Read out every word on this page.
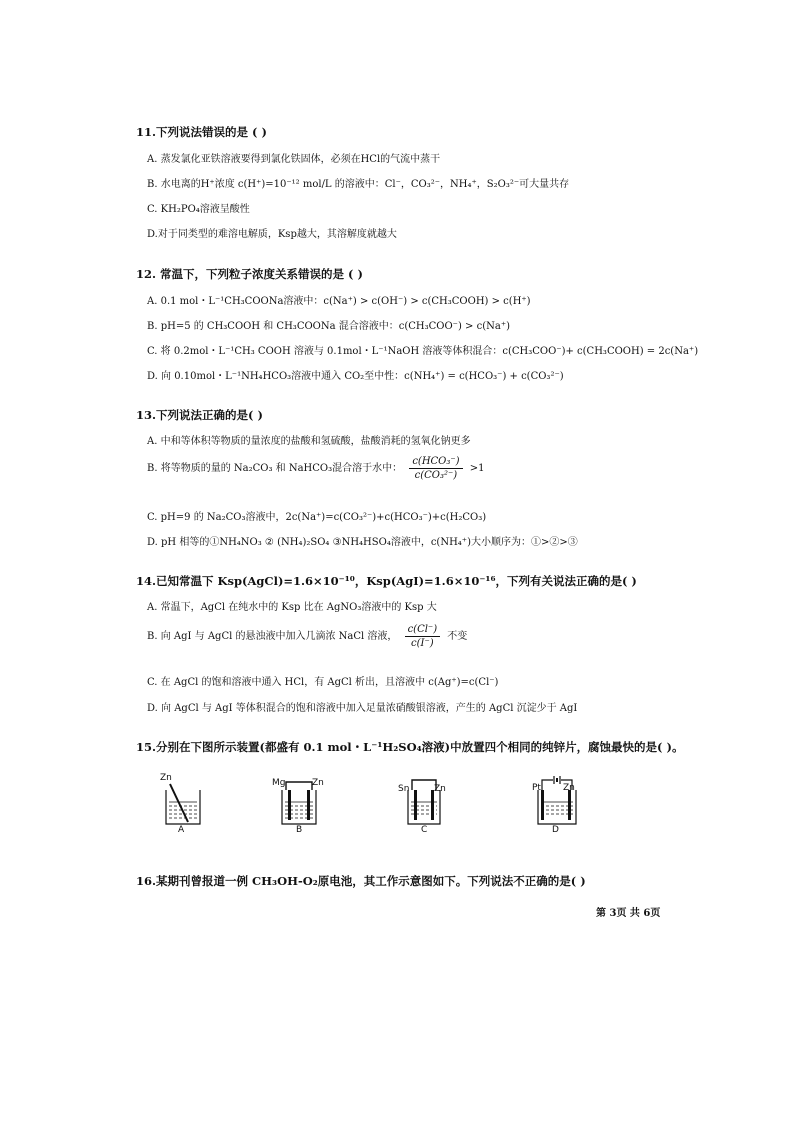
11.下列说法错误的是 ( )
A. 蒸发氯化亚铁溶液要得到氯化铁固体，必须在HCl的气流中蒸干
B. 水电离的H⁺浓度 c(H⁺)=10⁻¹² mol/L 的溶液中：Cl⁻，CO₃²⁻，NH₄⁺，S₂O₃²⁻可大量共存
C. KH₂PO₄溶液呈酸性
D.对于同类型的难溶电解质，Ksp越大，其溶解度就越大
12. 常温下，下列粒子浓度关系错误的是 ( )
A. 0.1 mol・L⁻¹CH₃COONa溶液中：c(Na⁺) > c(OH⁻) > c(CH₃COOH) > c(H⁺)
B. pH=5 的 CH₃COOH 和 CH₃COONa 混合溶液中：c(CH₃COO⁻) > c(Na⁺)
C. 将 0.2mol・L⁻¹CH₃ COOH 溶液与 0.1mol・L⁻¹NaOH 溶液等体积混合：c(CH₃COO⁻)+ c(CH₃COOH) = 2c(Na⁺)
D. 向 0.10mol・L⁻¹NH₄HCO₃溶液中通入 CO₂至中性：c(NH₄⁺) = c(HCO₃⁻) + c(CO₃²⁻)
13.下列说法正确的是( )
A. 中和等体积等物质的量浓度的盐酸和氢硫酸，盐酸消耗的氢氧化钠更多
B. 将等物质的量的 Na₂CO₃ 和 NaHCO₃混合溶于水中： $\frac{\text{c(HCO₃⁻)}}{\text{c(CO₃²⁻)}} >1$
C. pH=9 的 Na₂CO₃溶液中，2c(Na⁺)=c(CO₃²⁻)+c(HCO₃⁻)+c(H₂CO₃)
D. pH 相等的①NH₄NO₃ ② (NH₄)₂SO₄ ③NH₄HSO₄溶液中，c(NH₄⁺)大小顺序为：①>②>③
14.已知常温下 Ksp(AgCl)=1.6×10⁻¹⁰，Ksp(AgI)=1.6×10⁻¹⁶，下列有关说法正确的是( )
A. 常温下，AgCl 在纯水中的 Ksp 比在 AgNO₃溶液中的 Ksp 大
B. 向 AgI 与 AgCl 的悬浊液中加入几滴浓 NaCl 溶液， $\frac{c(Cl^-)}{c(I^-)}$ 不变
C. 在 AgCl 的饱和溶液中通入 HCl，有 AgCl 析出，且溶液中 c(Ag⁺)=c(Cl⁻)
D. 向 AgCl 与 AgI 等体积混合的饱和溶液中加入足量浓硝酸银溶液，产生的 AgCl 沉淀少于 AgI
15.分别在下图所示装置(都盛有 0.1 mol・L⁻¹H₂SO₄溶液)中放置四个相同的纯锌片，腐蚀最快的是( )。
Zn
A
Mg	Zn
B
Sn	Zn
C
Pt Zn
D
16.某期刊曾报道一例 CH₃OH-O₂原电池，其工作示意图如下。下列说法不正确的是( )
第 3页 共 6页
